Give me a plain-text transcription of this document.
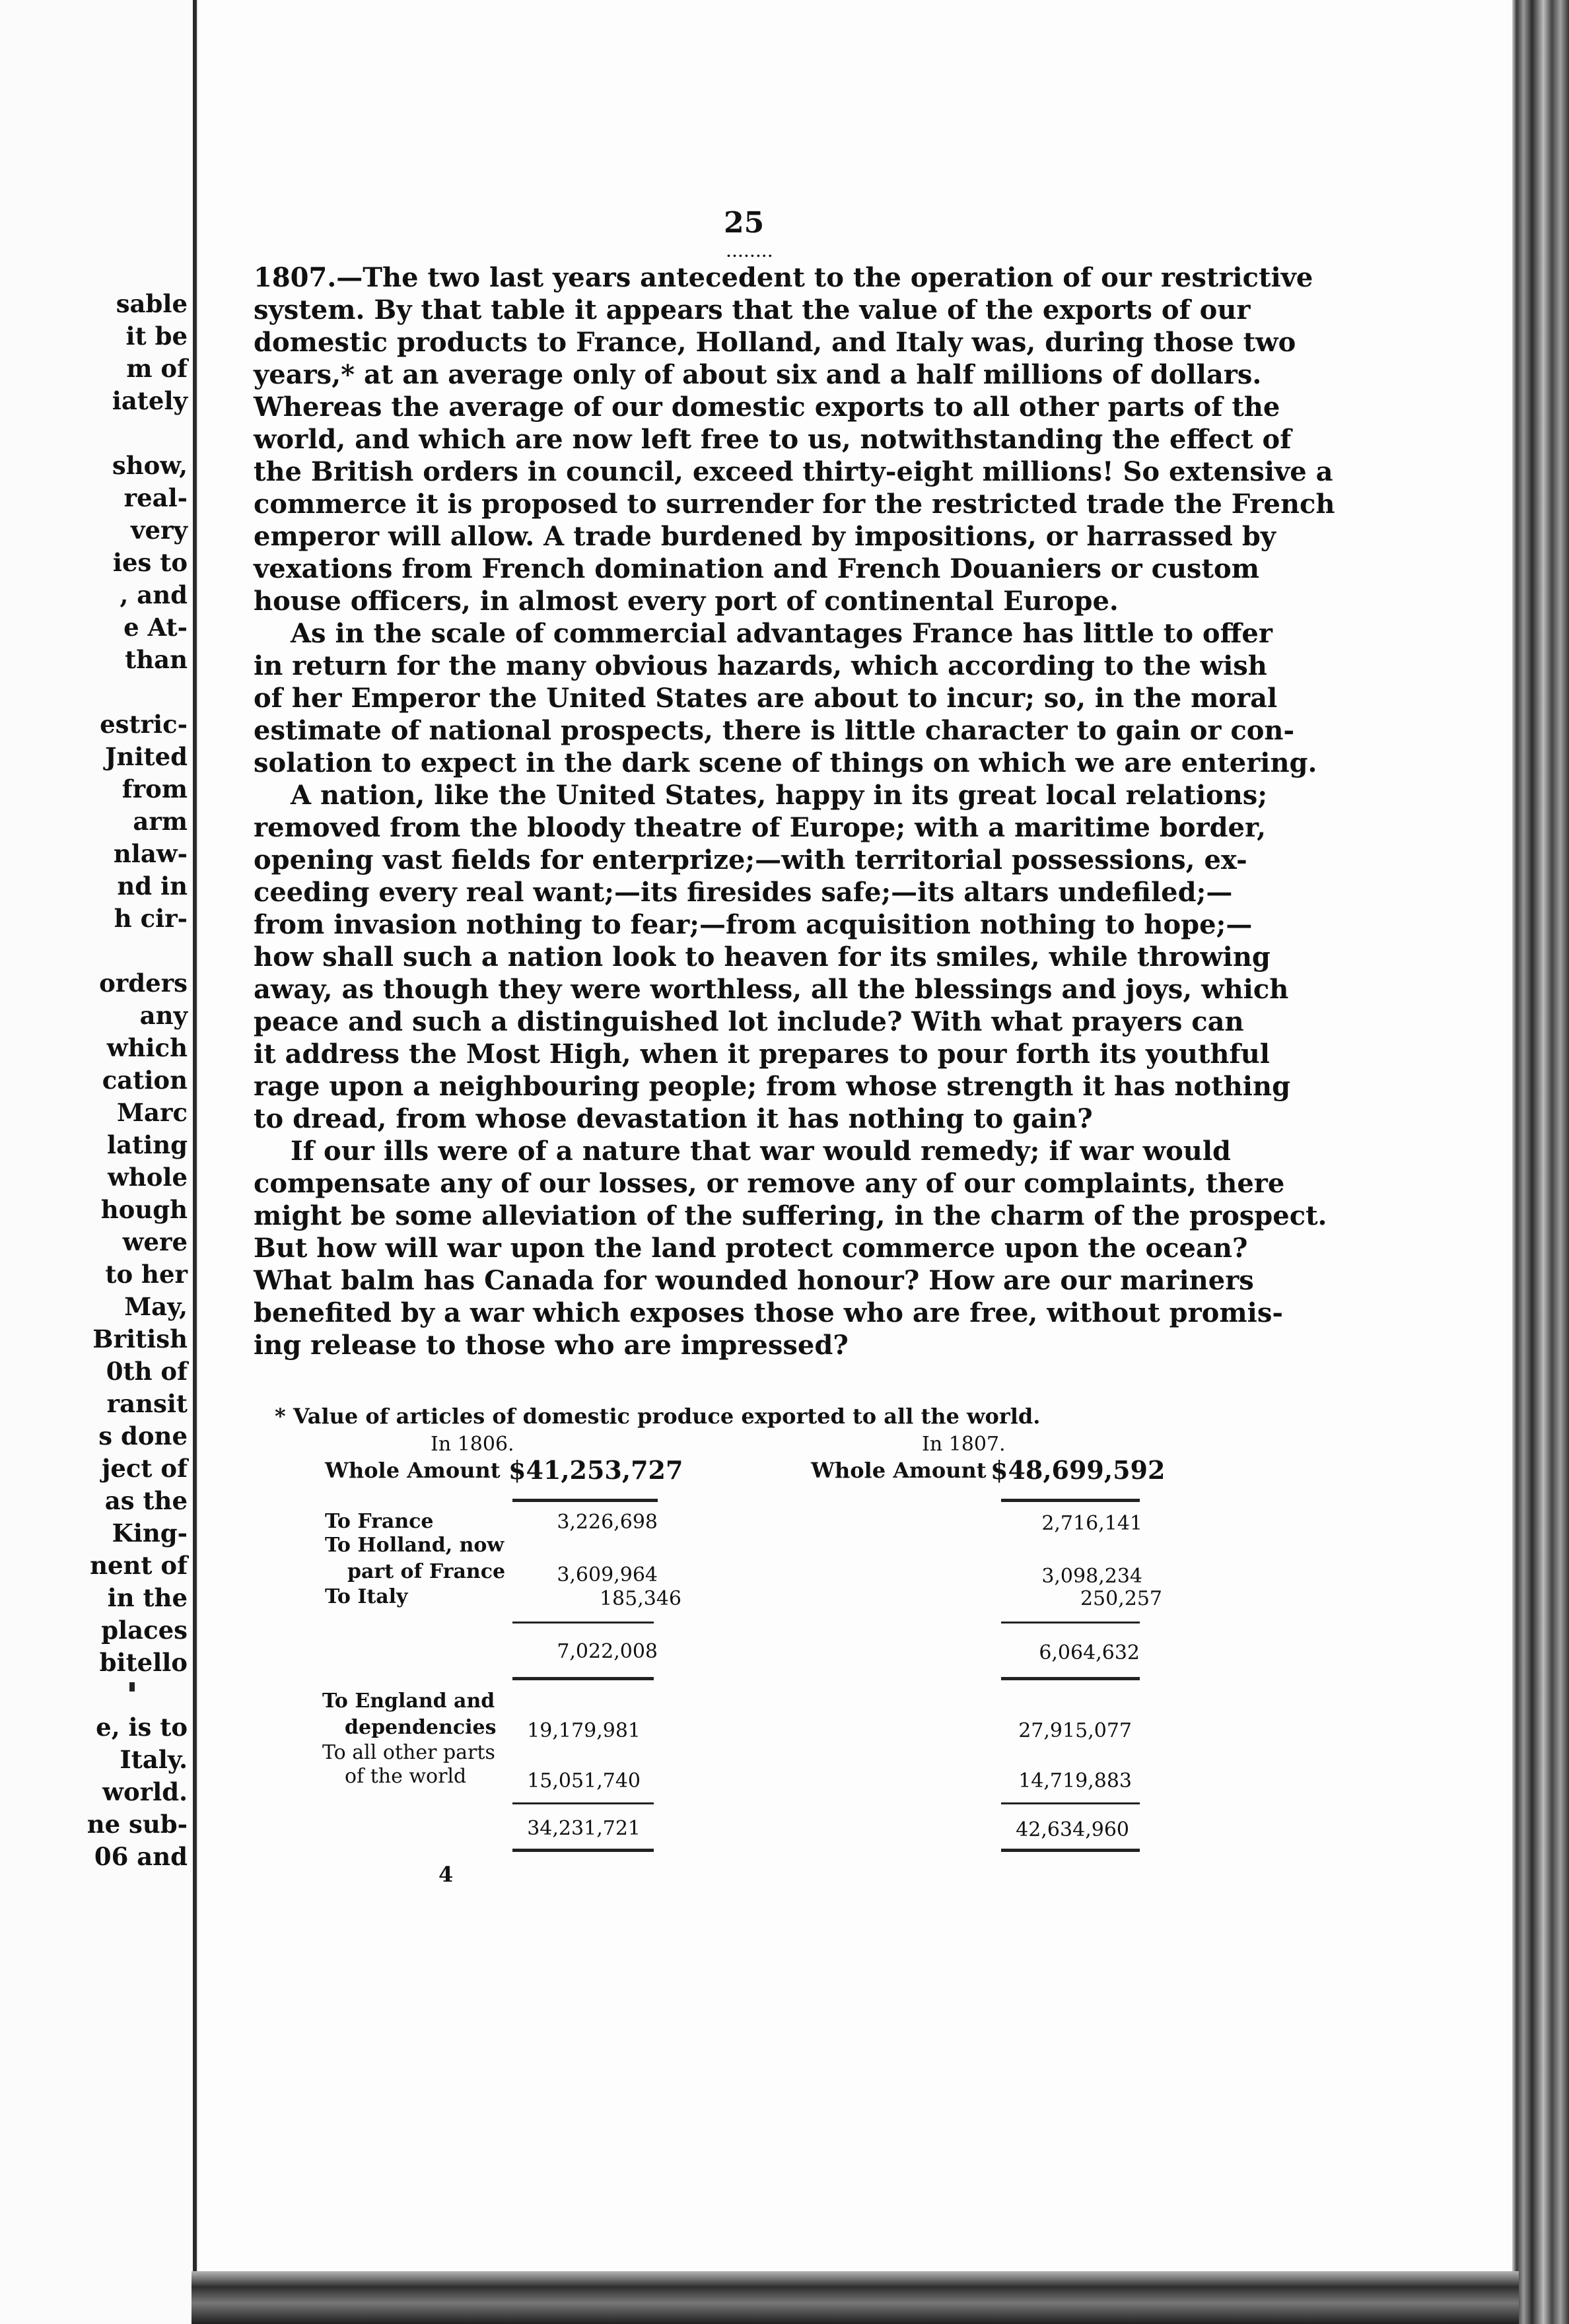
sable
it be
m of
iately
show,
real-
very
ies to
, and
e At-
than
estric-
Jnited
from
arm
nlaw-
nd in
h cir-
orders
any
which
cation
Marc
lating
whole
hough
were
to her
May,
British
0th of
ransit
s done
ject of
as the
King-
nent of
in the
places
bitello
e, is to
Italy.
world.
ne sub-
06 and
25
........
1807.—The two last years antecedent to the operation of our restrictive
system. By that table it appears that the value of the exports of our
domestic products to France, Holland, and Italy was, during those two
years,* at an average only of about six and a half millions of dollars.
Whereas the average of our domestic exports to all other parts of the
world, and which are now left free to us, notwithstanding the effect of
the British orders in council, exceed thirty-eight millions! So extensive a
commerce it is proposed to surrender for the restricted trade the French
emperor will allow. A trade burdened by impositions, or harrassed by
vexations from French domination and French Douaniers or custom
house officers, in almost every port of continental Europe.
As in the scale of commercial advantages France has little to offer
in return for the many obvious hazards, which according to the wish
of her Emperor the United States are about to incur; so, in the moral
estimate of national prospects, there is little character to gain or con-
solation to expect in the dark scene of things on which we are entering.
A nation, like the United States, happy in its great local relations;
removed from the bloody theatre of Europe; with a maritime border,
opening vast fields for enterprize;—with territorial possessions, ex-
ceeding every real want;—its firesides safe;—its altars undefiled;—
from invasion nothing to fear;—from acquisition nothing to hope;—
how shall such a nation look to heaven for its smiles, while throwing
away, as though they were worthless, all the blessings and joys, which
peace and such a distinguished lot include? With what prayers can
it address the Most High, when it prepares to pour forth its youthful
rage upon a neighbouring people; from whose strength it has nothing
to dread, from whose devastation it has nothing to gain?
If our ills were of a nature that war would remedy; if war would
compensate any of our losses, or remove any of our complaints, there
might be some alleviation of the suffering, in the charm of the prospect.
But how will war upon the land protect commerce upon the ocean?
What balm has Canada for wounded honour? How are our mariners
benefited by a war which exposes those who are free, without promis-
ing release to those who are impressed?
* Value of articles of domestic produce exported to all the world.
In 1806.	In 1807.
Whole Amount $41,253,727	Whole Amount $48,699,592
To France	3,226,698	2,716,141
To Holland, now
part of France	3,609,964	3,098,234
To Italy	185,346	250,257
7,022,008	6,064,632
To England and
dependencies 19,179,981	27,915,077
To all other parts
of the world	15,051,740	14,719,883
34,231,721	42,634,960
4
